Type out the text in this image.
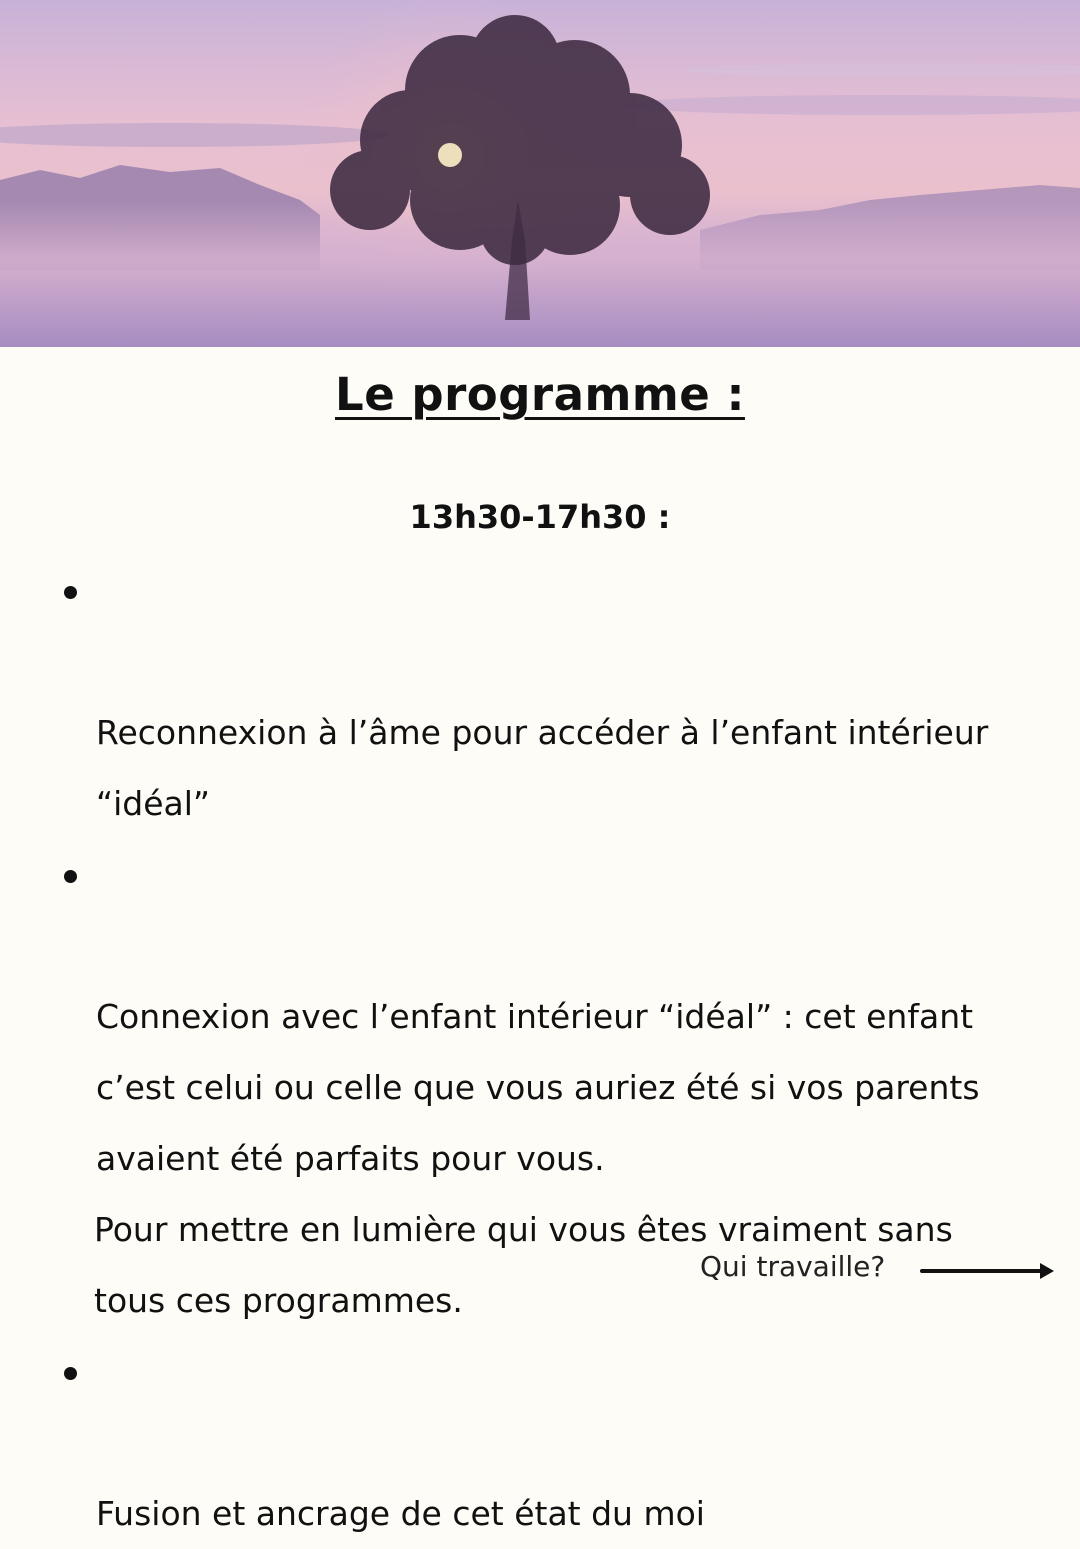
Le programme :
13h30-17h30 :

Reconnexion à l’âme pour accéder à l’enfant intérieur
“idéal”

Connexion avec l’enfant intérieur “idéal” : cet enfant
c’est celui ou celle que vous auriez été si vos parents
avaient été parfaits pour vous.

Pour mettre en lumière qui vous êtes vraiment sans
tous ces programmes.

Fusion et ancrage de cet état du moi

Qui travaille?
